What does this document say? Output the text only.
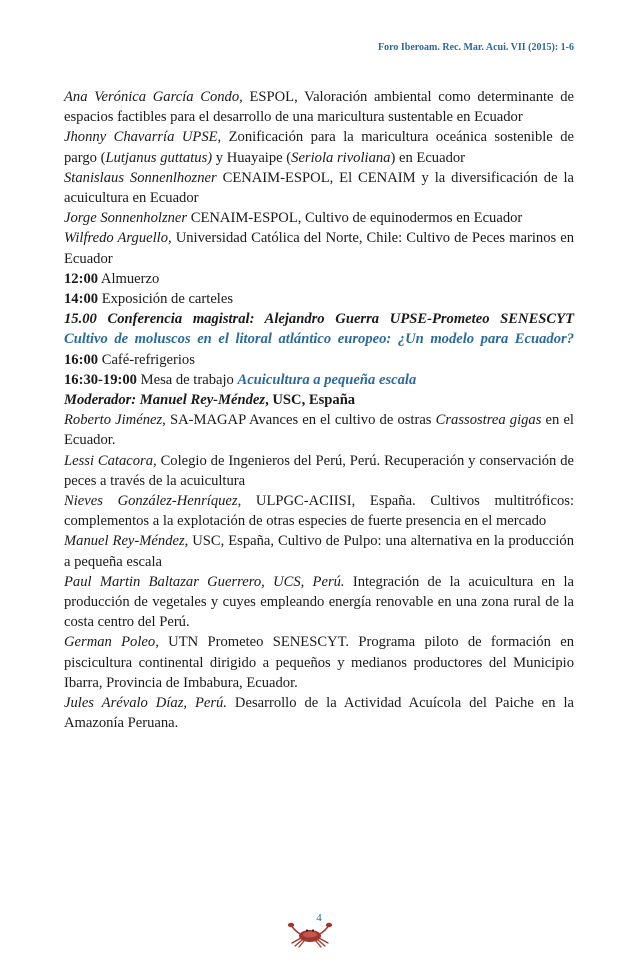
Foro Iberoam. Rec. Mar. Acui. VII (2015): 1-6

Ana Verónica García Condo, ESPOL, Valoración ambiental como determinante de espacios factibles para el desarrollo de una maricultura sustentable en Ecuador

Jhonny Chavarría UPSE, Zonificación para la maricultura oceánica sostenible de pargo (Lutjanus guttatus) y Huayaipe (Seriola rivoliana) en Ecuador

Stanislaus Sonnenlhozner CENAIM-ESPOL, El CENAIM y la diversificación de la acuicultura en Ecuador

Jorge Sonnenholzner CENAIM-ESPOL, Cultivo de equinodermos en Ecuador

Wilfredo Arguello, Universidad Católica del Norte, Chile: Cultivo de Peces marinos en Ecuador

12:00 Almuerzo

14:00 Exposición de carteles

15.00 Conferencia magistral: Alejandro Guerra UPSE-Prometeo SENESCYT

Cultivo de moluscos en el litoral atlántico europeo: ¿Un modelo para Ecuador?

16:00 Café-refrigerios

16:30-19:00 Mesa de trabajo Acuicultura a pequeña escala

Moderador: Manuel Rey-Méndez, USC, España

Roberto Jiménez, SA-MAGAP Avances en el cultivo de ostras Crassostrea gigas en el Ecuador.

Lessi Catacora, Colegio de Ingenieros del Perú, Perú. Recuperación y conservación de peces a través de la acuicultura

Nieves González-Henríquez, ULPGC-ACIISI, España. Cultivos multitróficos: complementos a la explotación de otras especies de fuerte presencia en el mercado

Manuel Rey-Méndez, USC, España, Cultivo de Pulpo: una alternativa en la producción a pequeña escala

Paul Martin Baltazar Guerrero, UCS, Perú. Integración de la acuicultura en la producción de vegetales y cuyes empleando energía renovable en una zona rural de la costa centro del Perú.

German Poleo, UTN Prometeo SENESCYT. Programa piloto de formación en piscicultura continental dirigido a pequeños y medianos productores del Municipio Ibarra, Provincia de Imbabura, Ecuador.

Jules Arévalo Díaz, Perú. Desarrollo de la Actividad Acuícola del Paiche en la Amazonía Peruana.

4
